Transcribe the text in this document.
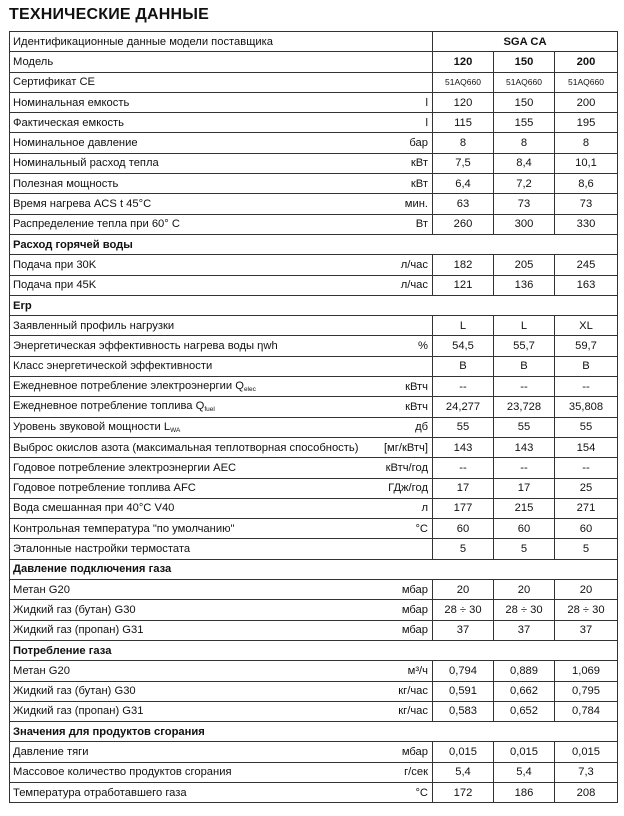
ТЕХНИЧЕСКИЕ ДАННЫЕ
Идентификационные данные модели поставщика		SGA CA		
Модель		120	150	200
Сертификат CE		51AQ660	51AQ660	51AQ660
Номинальная емкость	l	120	150	200
Фактическая емкость	l	115	155	195
Номинальное давление	бар	8	8	8
Номинальный расход тепла	кВт	7,5	8,4	10,1
Полезная мощность	кВт	6,4	7,2	8,6
Время нагрева ACS t 45°C	мин.	63	73	73
Распределение тепла при 60° C	Вт	260	300	330
Расход горячей воды				
Подача при 30K	л/час	182	205	245
Подача при 45K	л/час	121	136	163
Erp				
Заявленный профиль нагрузки		L	L	XL
Энергетическая эффективность нагрева воды ηwh	%	54,5	55,7	59,7
Класс энергетической эффективности		B	B	B
Ежедневное потребление электроэнергии $Q_{elec}$	кВтч	--	--	--
Ежедневное потребление топлива $Q_{fuel}$	кВтч	24,277	23,728	35,808
Уровень звуковой мощности $L_{WA}$	дб	55	55	55
Выброс окислов азота (максимальная теплотворная способность)	[мг/кВтч]	143	143	154
Годовое потребление электроэнергии AEC	кВтч/год	--	--	--
Годовое потребление топлива AFC	ГДж/год	17	17	25
Вода смешанная при 40°C V40	л	177	215	271
Контрольная температура "по умолчанию"	°C	60	60	60
Эталонные настройки термостата		5	5	5
Давление подключения газа				
Метан G20	мбар	20	20	20
Жидкий газ (бутан) G30	мбар	28 ÷ 30	28 ÷ 30	28 ÷ 30
Жидкий газ (пропан) G31	мбар	37	37	37
Потребление газа				
Метан G20	м³/ч	0,794	0,889	1,069
Жидкий газ (бутан) G30	кг/час	0,591	0,662	0,795
Жидкий газ (пропан) G31	кг/час	0,583	0,652	0,784
Значения для продуктов сгорания				
Давление тяги	мбар	0,015	0,015	0,015
Массовое количество продуктов сгорания	г/сек	5,4	5,4	7,3
Температура отработавшего газа	°C	172	186	208
